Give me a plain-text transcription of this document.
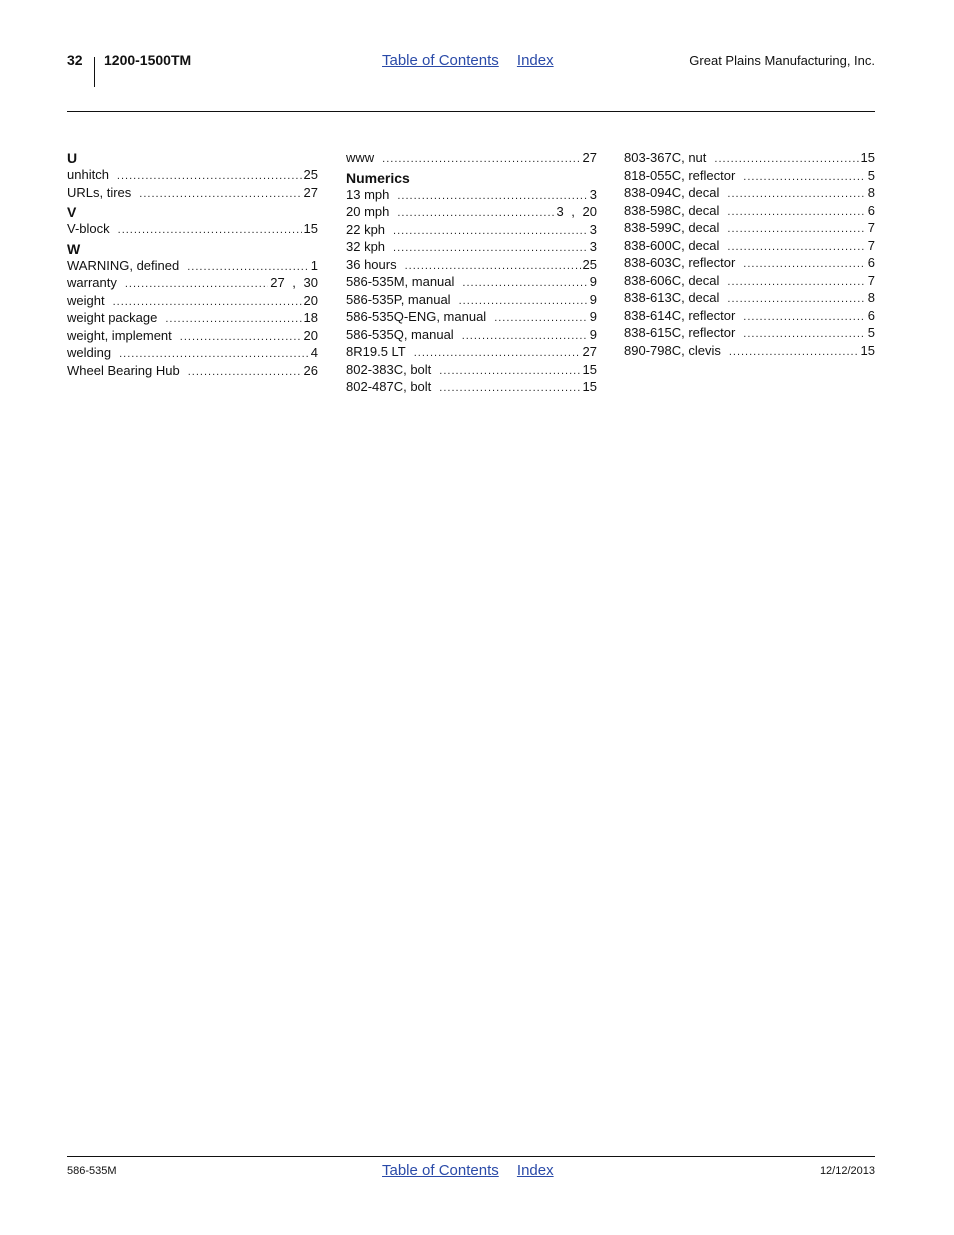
32 1200-1500TM	Table of Contents Index	Great Plains Manufacturing, Inc.
U
unhitch .....	25
URLs, tires .....	27
V
V-block .....	15
W
WARNING, defined .....	1
warranty .....	27 , 30
weight .....	20
weight package .....	18
weight, implement .....	20
welding .....	4
Wheel Bearing Hub .....	26
www .....	27
Numerics
13 mph .....	3
20 mph .....	3 , 20
22 kph .....	3
32 kph .....	3
36 hours .....	25
586-535M, manual .....	9
586-535P, manual .....	9
586-535Q-ENG, manual .....	9
586-535Q, manual .....	9
8R19.5 LT .....	27
802-383C, bolt .....	15
802-487C, bolt .....	15
803-367C, nut .....	15
818-055C, reflector .....	5
838-094C, decal .....	8
838-598C, decal .....	6
838-599C, decal .....	7
838-600C, decal .....	7
838-603C, reflector .....	6
838-606C, decal .....	7
838-613C, decal .....	8
838-614C, reflector .....	6
838-615C, reflector .....	5
890-798C, clevis .....	15
586-535M	Table of Contents Index	12/12/2013
